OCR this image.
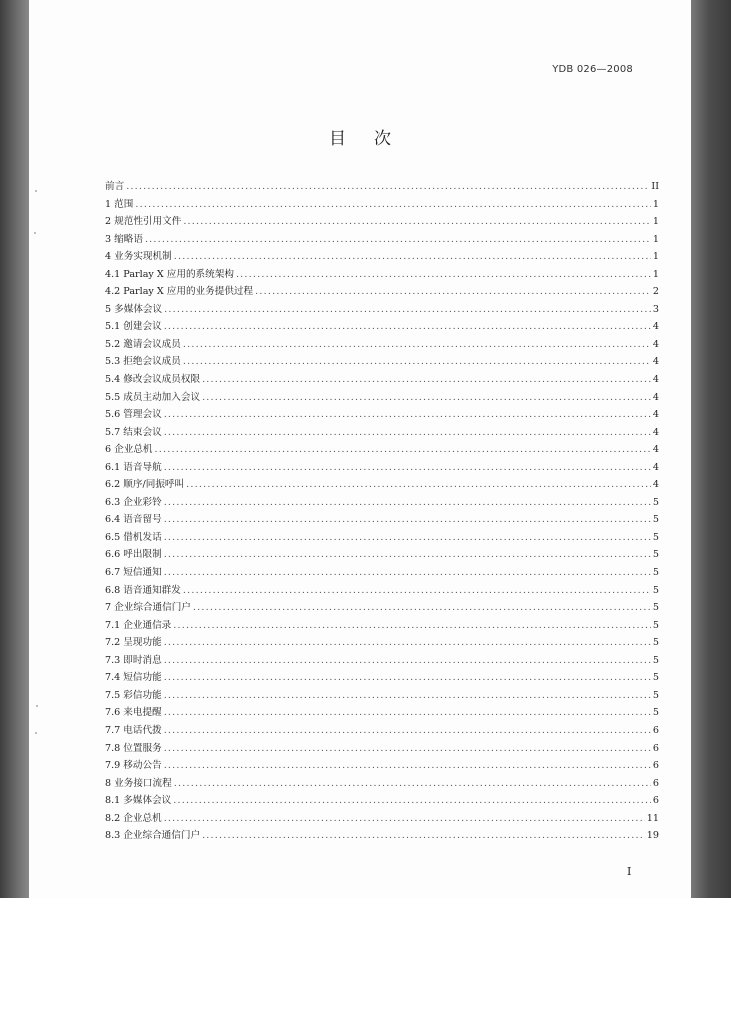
YDB 026—2008
目次
前言 .....	II
1 范围 .....	1
2 规范性引用文件 .....	1
3 缩略语 .....	1
4 业务实现机制 .....	1
4.1 Parlay X 应用的系统架构 .....	1
4.2 Parlay X 应用的业务提供过程 .....	2
5 多媒体会议 .....	3
5.1 创建会议 .....	4
5.2 邀请会议成员 .....	4
5.3 拒绝会议成员 .....	4
5.4 修改会议成员权限 .....	4
5.5 成员主动加入会议 .....	4
5.6 管理会议 .....	4
5.7 结束会议 .....	4
6 企业总机 .....	4
6.1 语音导航 .....	4
6.2 顺序/同振呼叫 .....	4
6.3 企业彩铃 .....	5
6.4 语音留号 .....	5
6.5 借机发话 .....	5
6.6 呼出限制 .....	5
6.7 短信通知 .....	5
6.8 语音通知群发 .....	5
7 企业综合通信门户 .....	5
7.1 企业通信录 .....	5
7.2 呈现功能 .....	5
7.3 即时消息 .....	5
7.4 短信功能 .....	5
7.5 彩信功能 .....	5
7.6 来电提醒 .....	5
7.7 电话代拨 .....	6
7.8 位置服务 .....	6
7.9 移动公告 .....	6
8 业务接口流程 .....	6
8.1 多媒体会议 .....	6
8.2 企业总机 .....	11
8.3 企业综合通信门户 .....	19
I
